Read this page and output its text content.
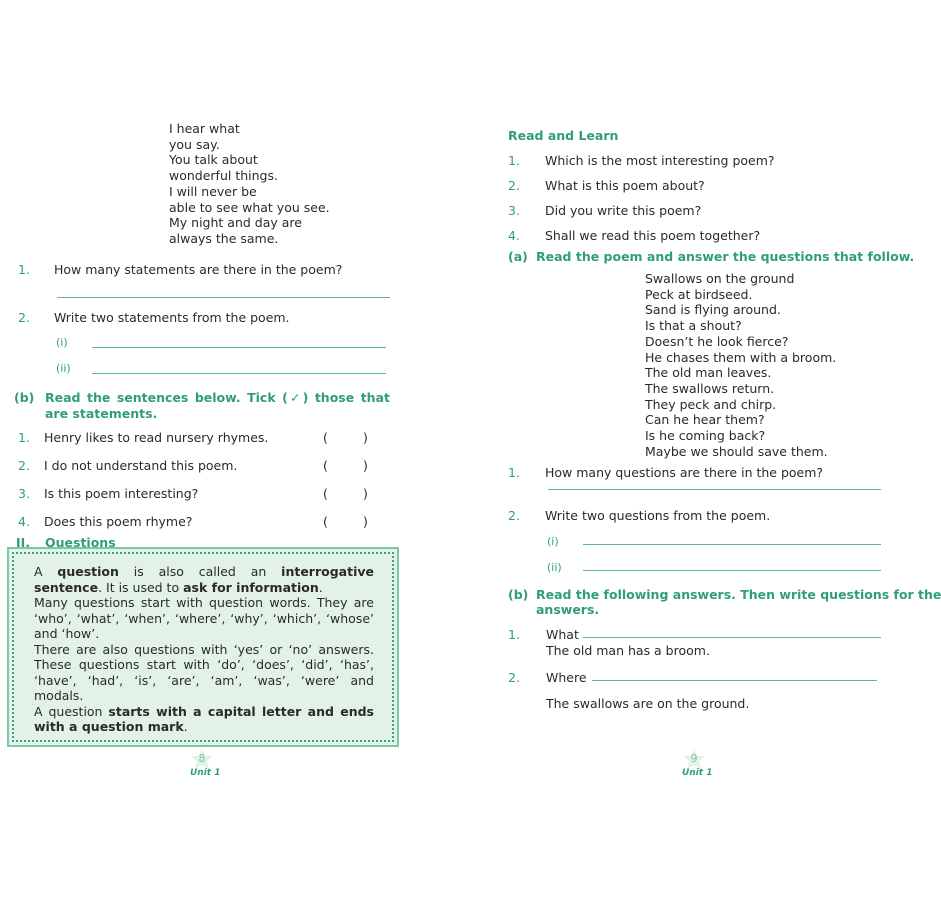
I hear what
you say.
You talk about
wonderful things.
I will never be
able to see what you see.
My night and day are
always the same.
1. How many statements are there in the poem?
2. Write two statements from the poem.
(i)
(ii)
(b) Read the sentences below. Tick (✓) those that are statements.
1. Henry likes to read nursery rhymes.	(	)
2. I do not understand this poem.	(	)
3. Is this poem interesting?	(	)
4. Does this poem rhyme?	(	)
II. Questions

A question is also called an interrogative sentence. It is used to ask for information.

Many questions start with question words. They are ‘who’, ‘what’, ‘when’, ‘where’, ‘why’, ‘which’, ‘whose’ and ‘how’.

There are also questions with ‘yes’ or ‘no’ answers. These questions start with ‘do’, ‘does’, ‘did’, ‘has’, ‘have’, ‘had’, ‘is’, ‘are’, ‘am’, ‘was’, ‘were’ and modals.

A question starts with a capital letter and ends with a question mark.

8
Unit 1
Read and Learn
1. Which is the most interesting poem?
2. What is this poem about?
3. Did you write this poem?
4. Shall we read this poem together?
(a) Read the poem and answer the questions that follow.
Swallows on the ground
Peck at birdseed.
Sand is flying around.
Is that a shout?
Doesn’t he look fierce?
He chases them with a broom.
The old man leaves.
The swallows return.
They peck and chirp.
Can he hear them?
Is he coming back?
Maybe we should save them.
1. How many questions are there in the poem?
2. Write two questions from the poem.
(i)
(ii)
(b) Read the following answers. Then write questions for the
answers.
1. What
The old man has a broom.
2. Where
The swallows are on the ground.
9
Unit 1
